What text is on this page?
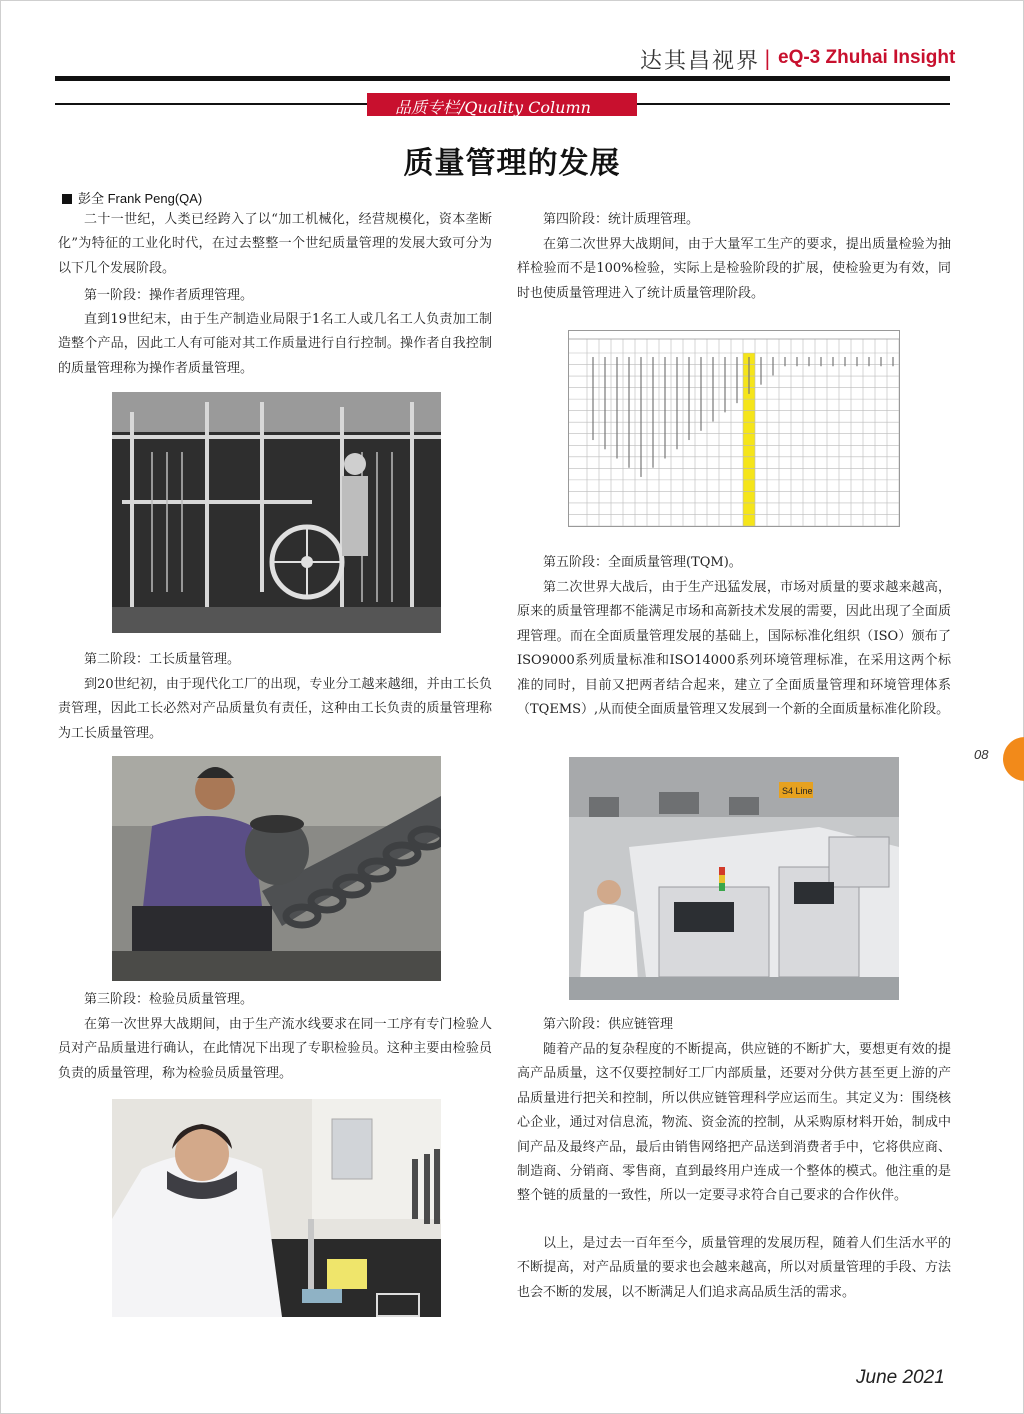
达其昌视界 | eQ-3 Zhuhai Insight
品质专栏/Quality Column
质量管理的发展
彭全 Frank Peng(QA)
二十一世纪，人类已经跨入了以“加工机械化，经营规模化，资本垄断化”为特征的工业化时代，在过去整整一个世纪质量管理的发展大致可分为以下几个发展阶段。
第一阶段：操作者质理管理。
直到19世纪末，由于生产制造业局限于1名工人或几名工人负责加工制造整个产品，因此工人有可能对其工作质量进行自行控制。操作者自我控制的质量管理称为操作者质量管理。
第二阶段：工长质量管理。
到20世纪初，由于现代化工厂的出现，专业分工越来越细，并由工长负责管理，因此工长必然对产品质量负有责任，这种由工长负责的质量管理称为工长质量管理。
第三阶段：检验员质量管理。
在第一次世界大战期间，由于生产流水线要求在同一工序有专门检验人员对产品质量进行确认，在此情况下出现了专职检验员。这种主要由检验员负责的质量管理，称为检验员质量管理。
第四阶段：统计质理管理。
在第二次世界大战期间，由于大量军工生产的要求，提出质量检验为抽样检验而不是100%检验，实际上是检验阶段的扩展，使检验更为有效，同时也使质量管理进入了统计质量管理阶段。
第五阶段：全面质量管理(TQM)。
第二次世界大战后，由于生产迅猛发展，市场对质量的要求越来越高，原来的质量管理都不能满足市场和高新技术发展的需要，因此出现了全面质理管理。而在全面质量管理发展的基础上，国际标准化组织（ISO）颁布了ISO9000系列质量标准和ISO14000系列环境管理标准，在采用这两个标准的同时，目前又把两者结合起来，建立了全面质量管理和环境管理体系（TQEMS）,从而使全面质量管理又发展到一个新的全面质量标准化阶段。
第六阶段：供应链管理
随着产品的复杂程度的不断提高，供应链的不断扩大，要想更有效的提高产品质量，这不仅要控制好工厂内部质量，还要对分供方甚至更上游的产品质量进行把关和控制，所以供应链管理科学应运而生。其定义为：围绕核心企业，通过对信息流，物流、资金流的控制，从采购原材料开始，制成中间产品及最终产品，最后由销售网络把产品送到消费者手中，它将供应商、制造商、分销商、零售商，直到最终用户连成一个整体的模式。他注重的是整个链的质量的一致性，所以一定要寻求符合自己要求的合作伙伴。
以上，是过去一百年至今，质量管理的发展历程，随着人们生活水平的不断提高，对产品质量的要求也会越来越高，所以对质量管理的手段、方法也会不断的发展，以不断满足人们追求高品质生活的需求。
S4 Line
08
June 2021
